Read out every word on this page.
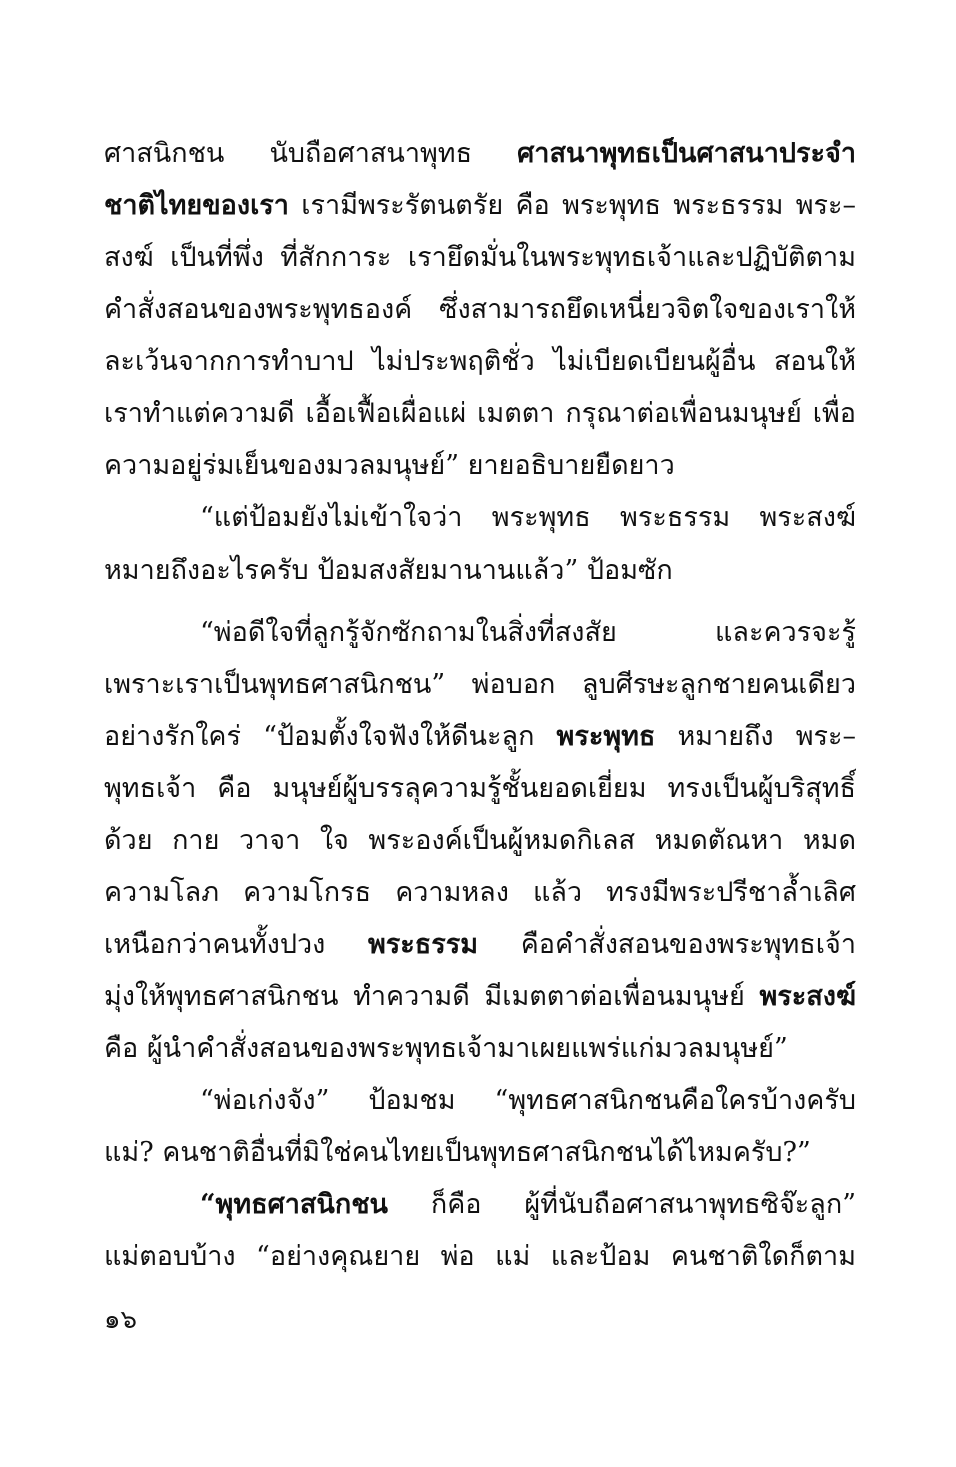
ศาสนิกชน นับถือศาสนาพุทธ ศาสนาพุทธเป็นศาสนาประจำ
ชาติไทยของเรา เรามีพระรัตนตรัย คือ พระพุทธ พระธรรม พระ–
สงฆ์ เป็นที่พึ่ง ที่สักการะ เรายึดมั่นในพระพุทธเจ้าและปฏิบัติตาม
คำสั่งสอนของพระพุทธองค์ ซึ่งสามารถยึดเหนี่ยวจิตใจของเราให้
ละเว้นจากการทำบาป ไม่ประพฤติชั่ว ไม่เบียดเบียนผู้อื่น สอนให้
เราทำแต่ความดี เอื้อเฟื้อเผื่อแผ่ เมตตา กรุณาต่อเพื่อนมนุษย์ เพื่อ
ความอยู่ร่มเย็นของมวลมนุษย์” ยายอธิบายยืดยาว
“แต่ป้อมยังไม่เข้าใจว่า พระพุทธ พระธรรม พระสงฆ์
หมายถึงอะไรครับ ป้อมสงสัยมานานแล้ว” ป้อมซัก
“พ่อดีใจที่ลูกรู้จักซักถามในสิ่งที่สงสัย และควรจะรู้
เพราะเราเป็นพุทธศาสนิกชน” พ่อบอก ลูบศีรษะลูกชายคนเดียว
อย่างรักใคร่ “ป้อมตั้งใจฟังให้ดีนะลูก พระพุทธ หมายถึง พระ–
พุทธเจ้า คือ มนุษย์ผู้บรรลุความรู้ชั้นยอดเยี่ยม ทรงเป็นผู้บริสุทธิ์
ด้วย กาย วาจา ใจ พระองค์เป็นผู้หมดกิเลส หมดตัณหา หมด
ความโลภ ความโกรธ ความหลง แล้ว ทรงมีพระปรีชาล้ำเลิศ
เหนือกว่าคนทั้งปวง พระธรรม คือคำสั่งสอนของพระพุทธเจ้า
มุ่งให้พุทธศาสนิกชน ทำความดี มีเมตตาต่อเพื่อนมนุษย์ พระสงฆ์
คือ ผู้นำคำสั่งสอนของพระพุทธเจ้ามาเผยแพร่แก่มวลมนุษย์”
“พ่อเก่งจัง” ป้อมชม “พุทธศาสนิกชนคือใครบ้างครับ
แม่? คนชาติอื่นที่มิใช่คนไทยเป็นพุทธศาสนิกชนได้ไหมครับ?”
“พุทธศาสนิกชน ก็คือ ผู้ที่นับถือศาสนาพุทธซิจ๊ะลูก”
แม่ตอบบ้าง “อย่างคุณยาย พ่อ แม่ และป้อม คนชาติใดก็ตาม
๑๖
